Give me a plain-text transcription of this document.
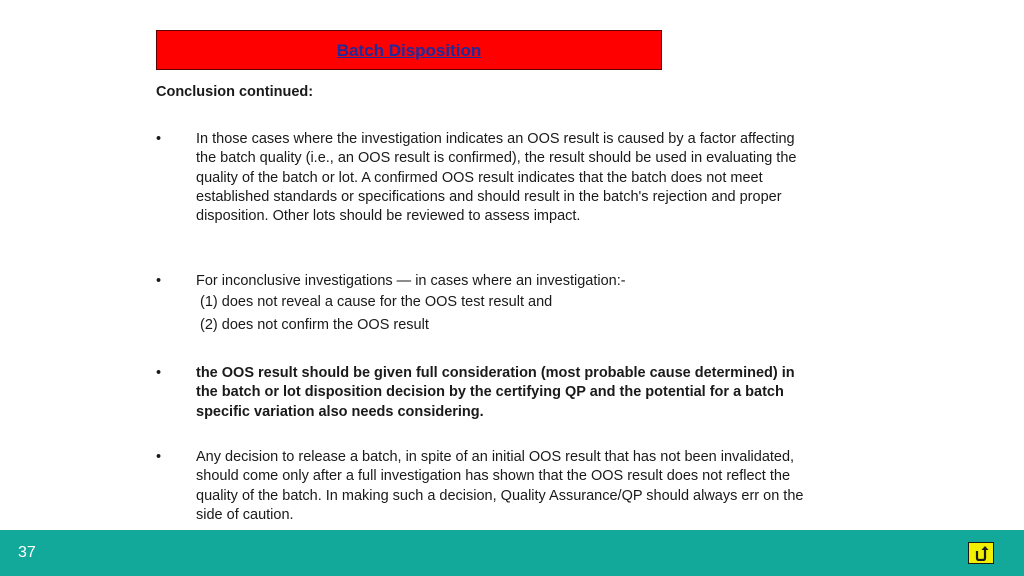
Batch Disposition
Conclusion continued:
• In those cases where the investigation indicates an OOS result is caused by a factor affecting the batch quality (i.e., an OOS result is confirmed), the result should be used in evaluating the quality of the batch or lot. A confirmed OOS result indicates that the batch does not meet established standards or specifications and should result in the batch's rejection and proper disposition. Other lots should be reviewed to assess impact.
• For inconclusive investigations — in cases where an investigation:-
(1) does not reveal a cause for the OOS test result and
(2) does not confirm the OOS result
• the OOS result should be given full consideration (most probable cause determined) in the batch or lot disposition decision by the certifying QP and the potential for a batch specific variation also needs considering.
• Any decision to release a batch, in spite of an initial OOS result that has not been invalidated, should come only after a full investigation has shown that the OOS result does not reflect the quality of the batch. In making such a decision, Quality Assurance/QP should always err on the side of caution.
37
